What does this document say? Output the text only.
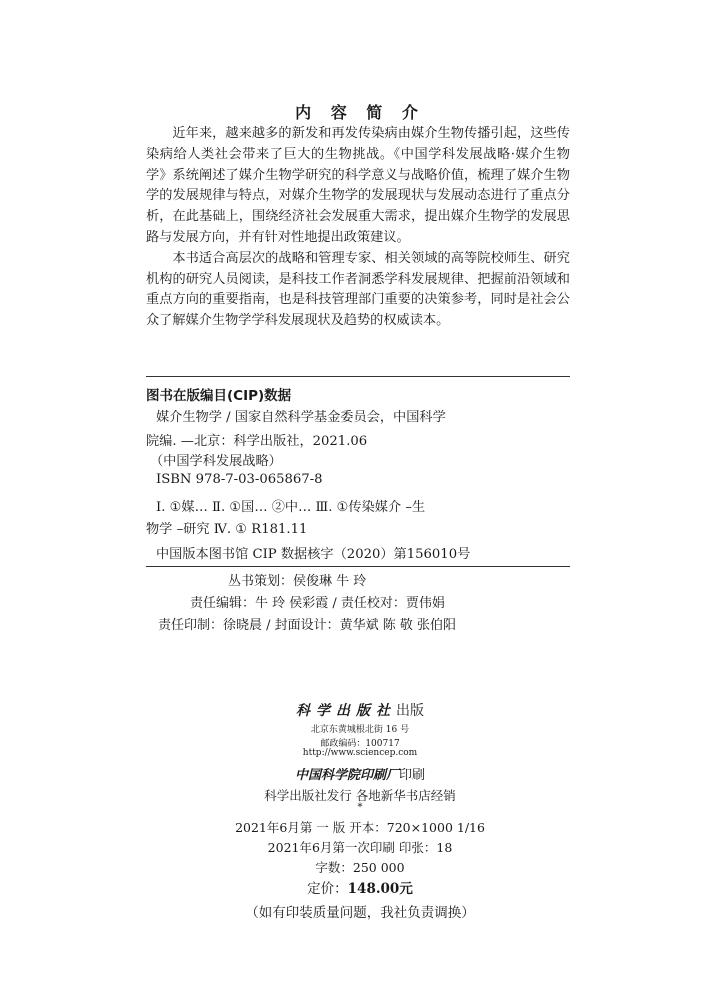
内 容 简 介

近年来，越来越多的新发和再发传染病由媒介生物传播引起，这些传染病给人类社会带来了巨大的生物挑战。《中国学科发展战略·媒介生物学》系统阐述了媒介生物学研究的科学意义与战略价值，梳理了媒介生物学的发展规律与特点，对媒介生物学的发展现状与发展动态进行了重点分析，在此基础上，围绕经济社会发展重大需求，提出媒介生物学的发展思路与发展方向，并有针对性地提出政策建议。

本书适合高层次的战略和管理专家、相关领域的高等院校师生、研究机构的研究人员阅读，是科技工作者洞悉学科发展规律、把握前沿领域和重点方向的重要指南，也是科技管理部门重要的决策参考，同时是社会公众了解媒介生物学学科发展现状及趋势的权威读本。

图书在版编目(CIP)数据
媒介生物学 / 国家自然科学基金委员会，中国科学
院编. —北京：科学出版社，2021.06
（中国学科发展战略）
ISBN 978-7-03-065867-8
Ⅰ. ①媒… Ⅱ. ①国… ②中… Ⅲ. ①传染媒介 –生
物学 –研究 Ⅳ. ① R181.11
中国版本图书馆 CIP 数据核字（2020）第156010号
丛书策划：侯俊琳 牛 玲
责任编辑：牛 玲 侯彩霞 / 责任校对：贾伟娟
责任印制：徐晓晨 / 封面设计：黄华斌 陈 敬 张伯阳
科学出版社出版
北京东黄城根北街 16 号
邮政编码：100717
http://www.sciencep.com
中国科学院印刷厂印刷
科学出版社发行 各地新华书店经销
*
2021年6月第 一 版 开本：720×1000 1/16
2021年6月第一次印刷 印张：18
字数：250 000
定价：148.00元
（如有印装质量问题，我社负责调换）
